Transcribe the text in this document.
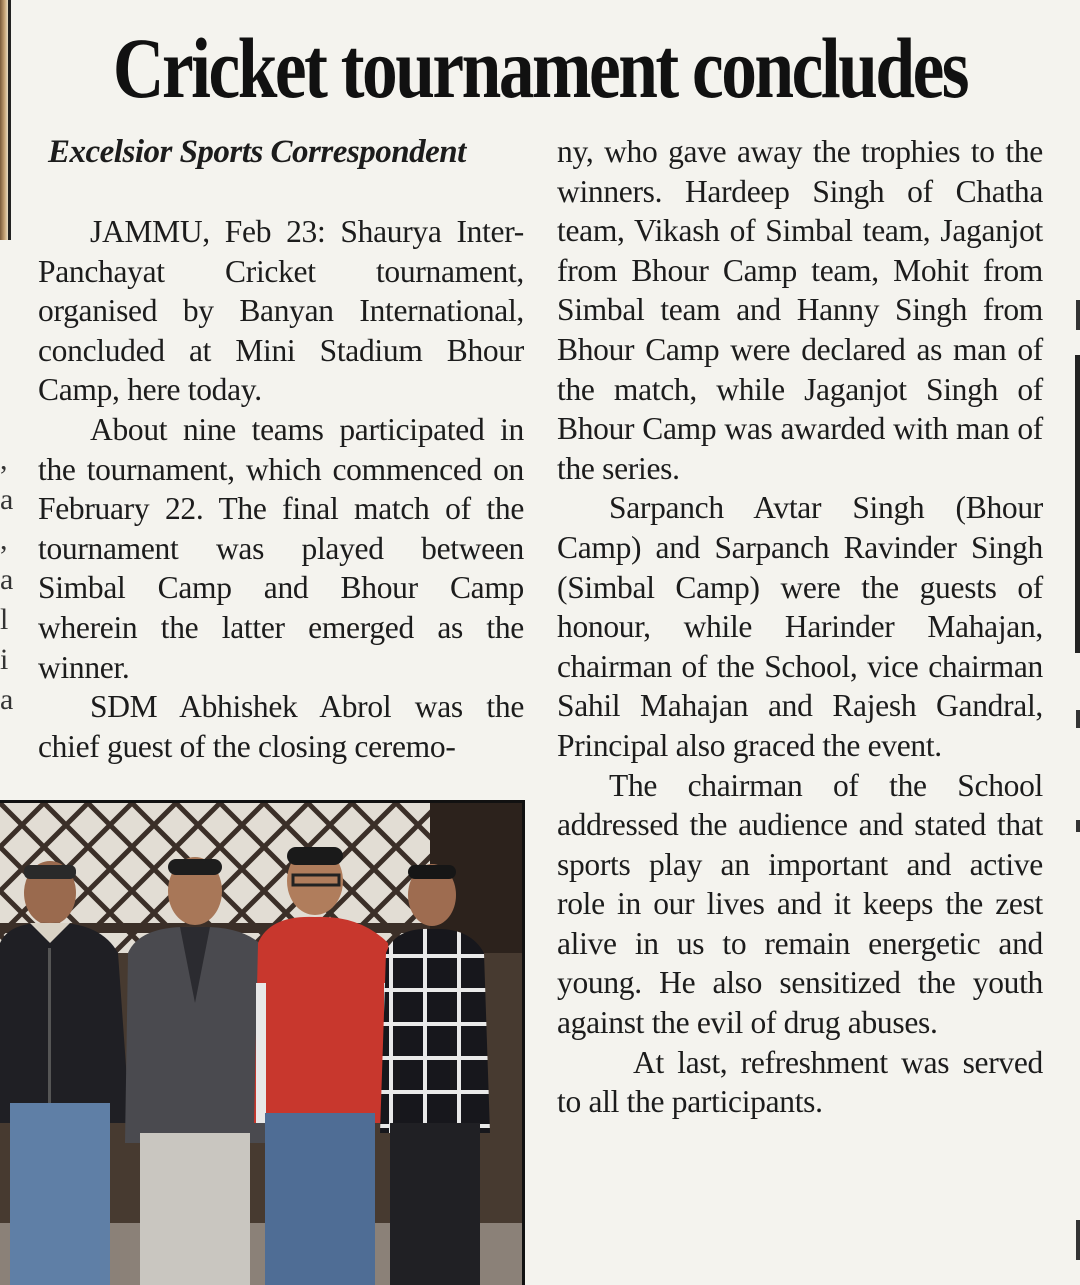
,
a
,
a
l
i
a
Cricket tournament concludes
Excelsior Sports Correspondent

JAMMU, Feb 23: Shaurya Inter-Panchayat Cricket tournament, organised by Banyan International, concluded at Mini Stadium Bhour Camp, here today.

About nine teams participated in the tournament, which commenced on February 22. The final match of the tournament was played between Simbal Camp and Bhour Camp wherein the latter emerged as the winner.

SDM Abhishek Abrol was the chief guest of the closing ceremo-

ny, who gave away the trophies to the winners. Hardeep Singh of Chatha team, Vikash of Simbal team, Jaganjot from Bhour Camp team, Mohit from Simbal team and Hanny Singh from Bhour Camp were declared as man of the match, while Jaganjot Singh of Bhour Camp was awarded with man of the series.

Sarpanch Avtar Singh (Bhour Camp) and Sarpanch Ravinder Singh (Simbal Camp) were the guests of honour, while Harinder Mahajan, chairman of the School, vice chairman Sahil Mahajan and Rajesh Gandral, Principal also graced the event.

The chairman of the School addressed the audience and stated that sports play an important and active role in our lives and it keeps the zest alive in us to remain energetic and young. He also sensitized the youth against the evil of drug abuses.

At last, refreshment was served to all the participants.
